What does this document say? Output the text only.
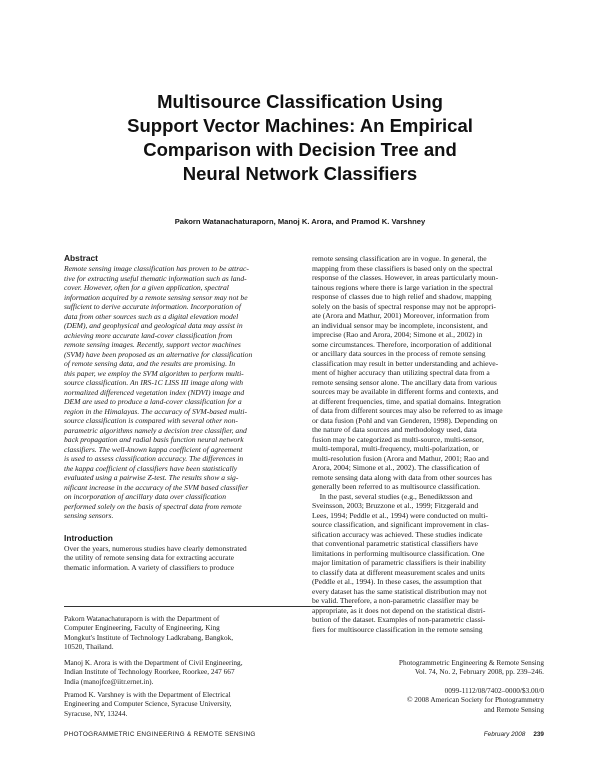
Multisource Classification Using
Support Vector Machines: An Empirical
Comparison with Decision Tree and
Neural Network Classifiers
Pakorn Watanachaturaporn, Manoj K. Arora, and Pramod K. Varshney
Abstract
Remote sensing image classification has proven to be attrac-
tive for extracting useful thematic information such as land-
cover. However, often for a given application, spectral
information acquired by a remote sensing sensor may not be
sufficient to derive accurate information. Incorporation of
data from other sources such as a digital elevation model
(DEM), and geophysical and geological data may assist in
achieving more accurate land-cover classification from
remote sensing images. Recently, support vector machines
(SVM) have been proposed as an alternative for classification
of remote sensing data, and the results are promising. In
this paper, we employ the SVM algorithm to perform multi-
source classification. An IRS-1C LISS III image along with
normalized differenced vegetation index (NDVI) image and
DEM are used to produce a land-cover classification for a
region in the Himalayas. The accuracy of SVM-based multi-
source classification is compared with several other non-
parametric algorithms namely a decision tree classifier, and
back propagation and radial basis function neural network
classifiers. The well-known kappa coefficient of agreement
is used to assess classification accuracy. The differences in
the kappa coefficient of classifiers have been statistically
evaluated using a pairwise Z-test. The results show a sig-
nificant increase in the accuracy of the SVM based classifier
on incorporation of ancillary data over classification
performed solely on the basis of spectral data from remote
sensing sensors.
Introduction
Over the years, numerous studies have clearly demonstrated
the utility of remote sensing data for extracting accurate
thematic information. A variety of classifiers to produce
remote sensing classification are in vogue. In general, the
mapping from these classifiers is based only on the spectral
response of the classes. However, in areas particularly moun-
tainous regions where there is large variation in the spectral
response of classes due to high relief and shadow, mapping
solely on the basis of spectral response may not be appropri-
ate (Arora and Mathur, 2001) Moreover, information from
an individual sensor may be incomplete, inconsistent, and
imprecise (Rao and Arora, 2004; Simone et al., 2002) in
some circumstances. Therefore, incorporation of additional
or ancillary data sources in the process of remote sensing
classification may result in better understanding and achieve-
ment of higher accuracy than utilizing spectral data from a
remote sensing sensor alone. The ancillary data from various
sources may be available in different forms and contexts, and
at different frequencies, time, and spatial domains. Integration
of data from different sources may also be referred to as image
or data fusion (Pohl and van Genderen, 1998). Depending on
the nature of data sources and methodology used, data
fusion may be categorized as multi-source, multi-sensor,
multi-temporal, multi-frequency, multi-polarization, or
multi-resolution fusion (Arora and Mathur, 2001; Rao and
Arora, 2004; Simone et al., 2002). The classification of
remote sensing data along with data from other sources has
generally been referred to as multisource classification.
In the past, several studies (e.g., Benediktsson and
Sveinsson, 2003; Bruzzone et al., 1999; Fitzgerald and
Lees, 1994; Peddle et al., 1994) were conducted on multi-
source classification, and significant improvement in clas-
sification accuracy was achieved. These studies indicate
that conventional parametric statistical classifiers have
limitations in performing multisource classification. One
major limitation of parametric classifiers is their inability
to classify data at different measurement scales and units
(Peddle et al., 1994). In these cases, the assumption that
every dataset has the same statistical distribution may not
be valid. Therefore, a non-parametric classifier may be
appropriate, as it does not depend on the statistical distri-
bution of the dataset. Examples of non-parametric classi-
fiers for multisource classification in the remote sensing
Pakorn Watanachaturaporn is with the Department of
Computer Engineering, Faculty of Engineering, King
Mongkut's Institute of Technology Ladkrabang, Bangkok,
10520, Thailand.
Manoj K. Arora is with the Department of Civil Engineering,
Indian Institute of Technology Roorkee, Roorkee, 247 667
India (manojfce@iitr.ernet.in).
Pramod K. Varshney is with the Department of Electrical
Engineering and Computer Science, Syracuse University,
Syracuse, NY, 13244.
Photogrammetric Engineering & Remote Sensing
Vol. 74, No. 2, February 2008, pp. 239–246.
0099-1112/08/7402–0000/$3.00/0
© 2008 American Society for Photogrammetry
and Remote Sensing
PHOTOGRAMMETRIC ENGINEERING & REMOTE SENSING	February 2008 239
